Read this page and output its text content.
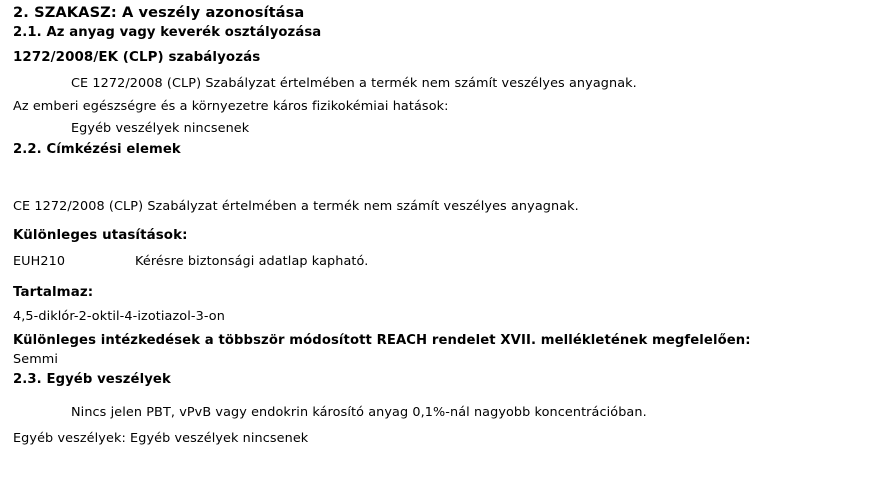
2. SZAKASZ: A veszély azonosítása
2.1. Az anyag vagy keverék osztályozása
1272/2008/EK (CLP) szabályozás
CE 1272/2008 (CLP) Szabályzat értelmében a termék nem számít veszélyes anyagnak.
Az emberi egészségre és a környezetre káros fizikokémiai hatások:
Egyéb veszélyek nincsenek
2.2. Címkézési elemek
CE 1272/2008 (CLP) Szabályzat értelmében a termék nem számít veszélyes anyagnak.
Különleges utasítások:
EUH210	Kérésre biztonsági adatlap kapható.
Tartalmaz:
4,5-diklór-2-oktil-4-izotiazol-3-on
Különleges intézkedések a többször módosított REACH rendelet XVII. mellékletének megfelelően:
Semmi
2.3. Egyéb veszélyek
Nincs jelen PBT, vPvB vagy endokrin károsító anyag 0,1%-nál nagyobb koncentrációban.
Egyéb veszélyek: Egyéb veszélyek nincsenek
